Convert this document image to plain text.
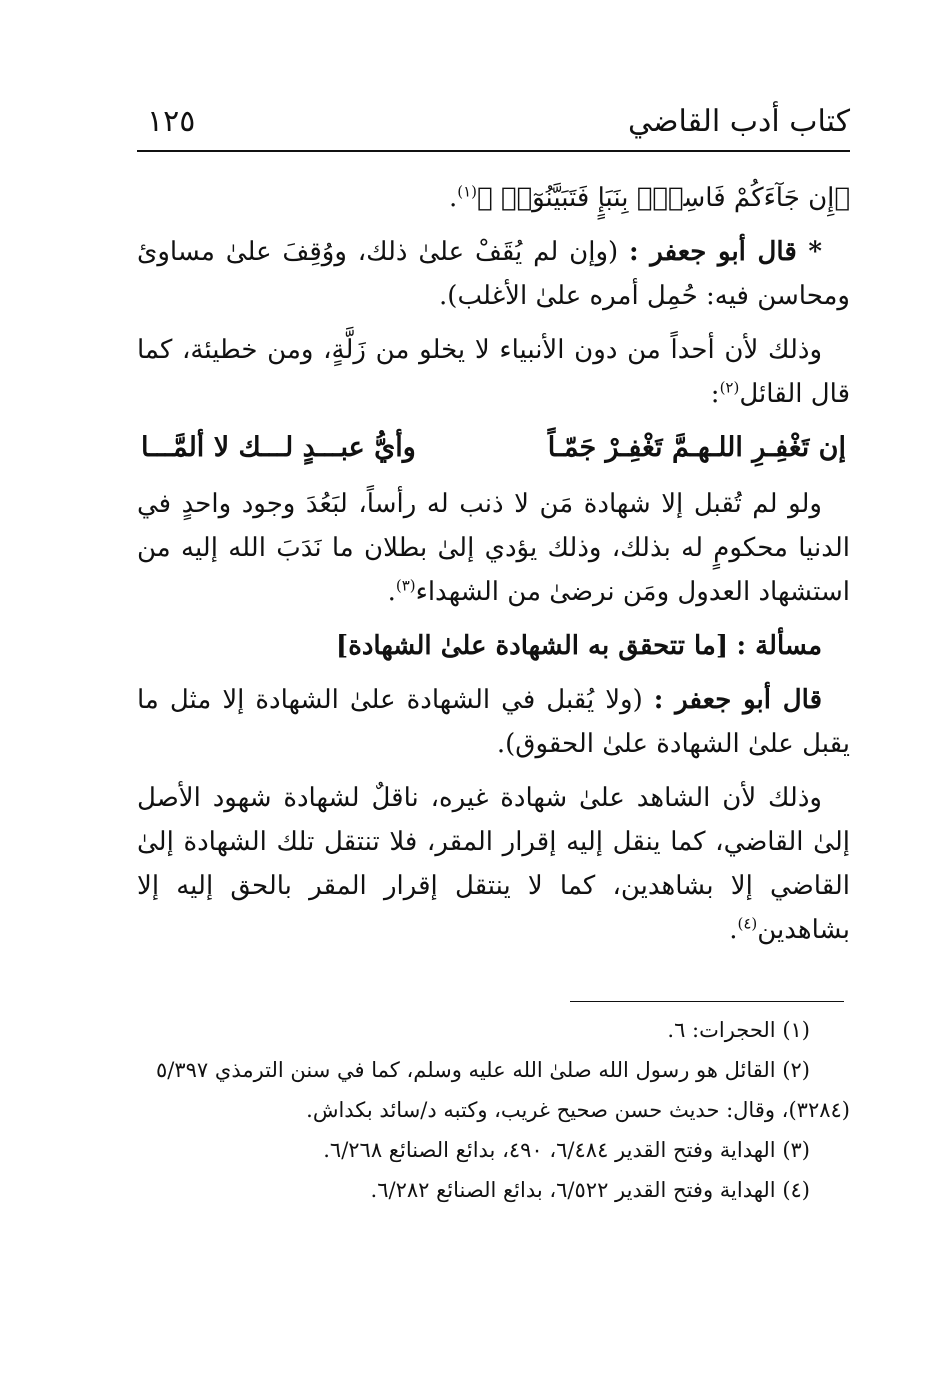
كتاب أدب القاضي
١٢٥

﴿إِن جَآءَكُمْ فَاسِقُۢ بِنَبَإٍ فَتَبَيَّنُوٓا۟ ﴾$^{(١)}$.

* قال أبو جعفر : (وإن لم يُقَفْ علىٰ ذلك، ووُقِفَ علىٰ مساوئ ومحاسن فيه: حُمِل أمره علىٰ الأغلب).

وذلك لأن أحداً من دون الأنبياء لا يخلو من زَلَّةٍ، ومن خطيئة، كما قال القائل$^{(٢)}$:

إن تَغْفِـرِ اللـهـمَّ تَغْفِـرْ جَمّـاً
وأيُّ عبـــدٍ لـــك لا ألمَّـــا

ولو لم تُقبل إلا شهادة مَن لا ذنب له رأساً، لبَعُدَ وجود واحدٍ في الدنيا محكومٍ له بذلك، وذلك يؤدي إلىٰ بطلان ما نَدَبَ الله إليه من استشهاد العدول ومَن نرضىٰ من الشهداء$^{(٣)}$.

مسألة : [ما تتحقق به الشهادة علىٰ الشهادة]

قال أبو جعفر : (ولا يُقبل في الشهادة علىٰ الشهادة إلا مثل ما يقبل علىٰ الشهادة علىٰ الحقوق).

وذلك لأن الشاهد علىٰ شهادة غيره، ناقلٌ لشهادة شهود الأصل إلىٰ القاضي، كما ينقل إليه إقرار المقر، فلا تنتقل تلك الشهادة إلىٰ القاضي إلا بشاهدين، كما لا ينتقل إقرار المقر بالحق إليه إلا بشاهدين$^{(٤)}$.

(١) الحجرات: ٦.

(٢) القائل هو رسول الله صلىٰ الله عليه وسلم، كما في سنن الترمذي ٥/٣٩٧

(٣٢٨٤)، وقال: حديث حسن صحيح غريب، وكتبه د/سائد بكداش.

(٣) الهداية وفتح القدير ٦/٤٨٤، ٤٩٠، بدائع الصنائع ٦/٢٦٨.

(٤) الهداية وفتح القدير ٦/٥٢٢، بدائع الصنائع ٦/٢٨٢.
